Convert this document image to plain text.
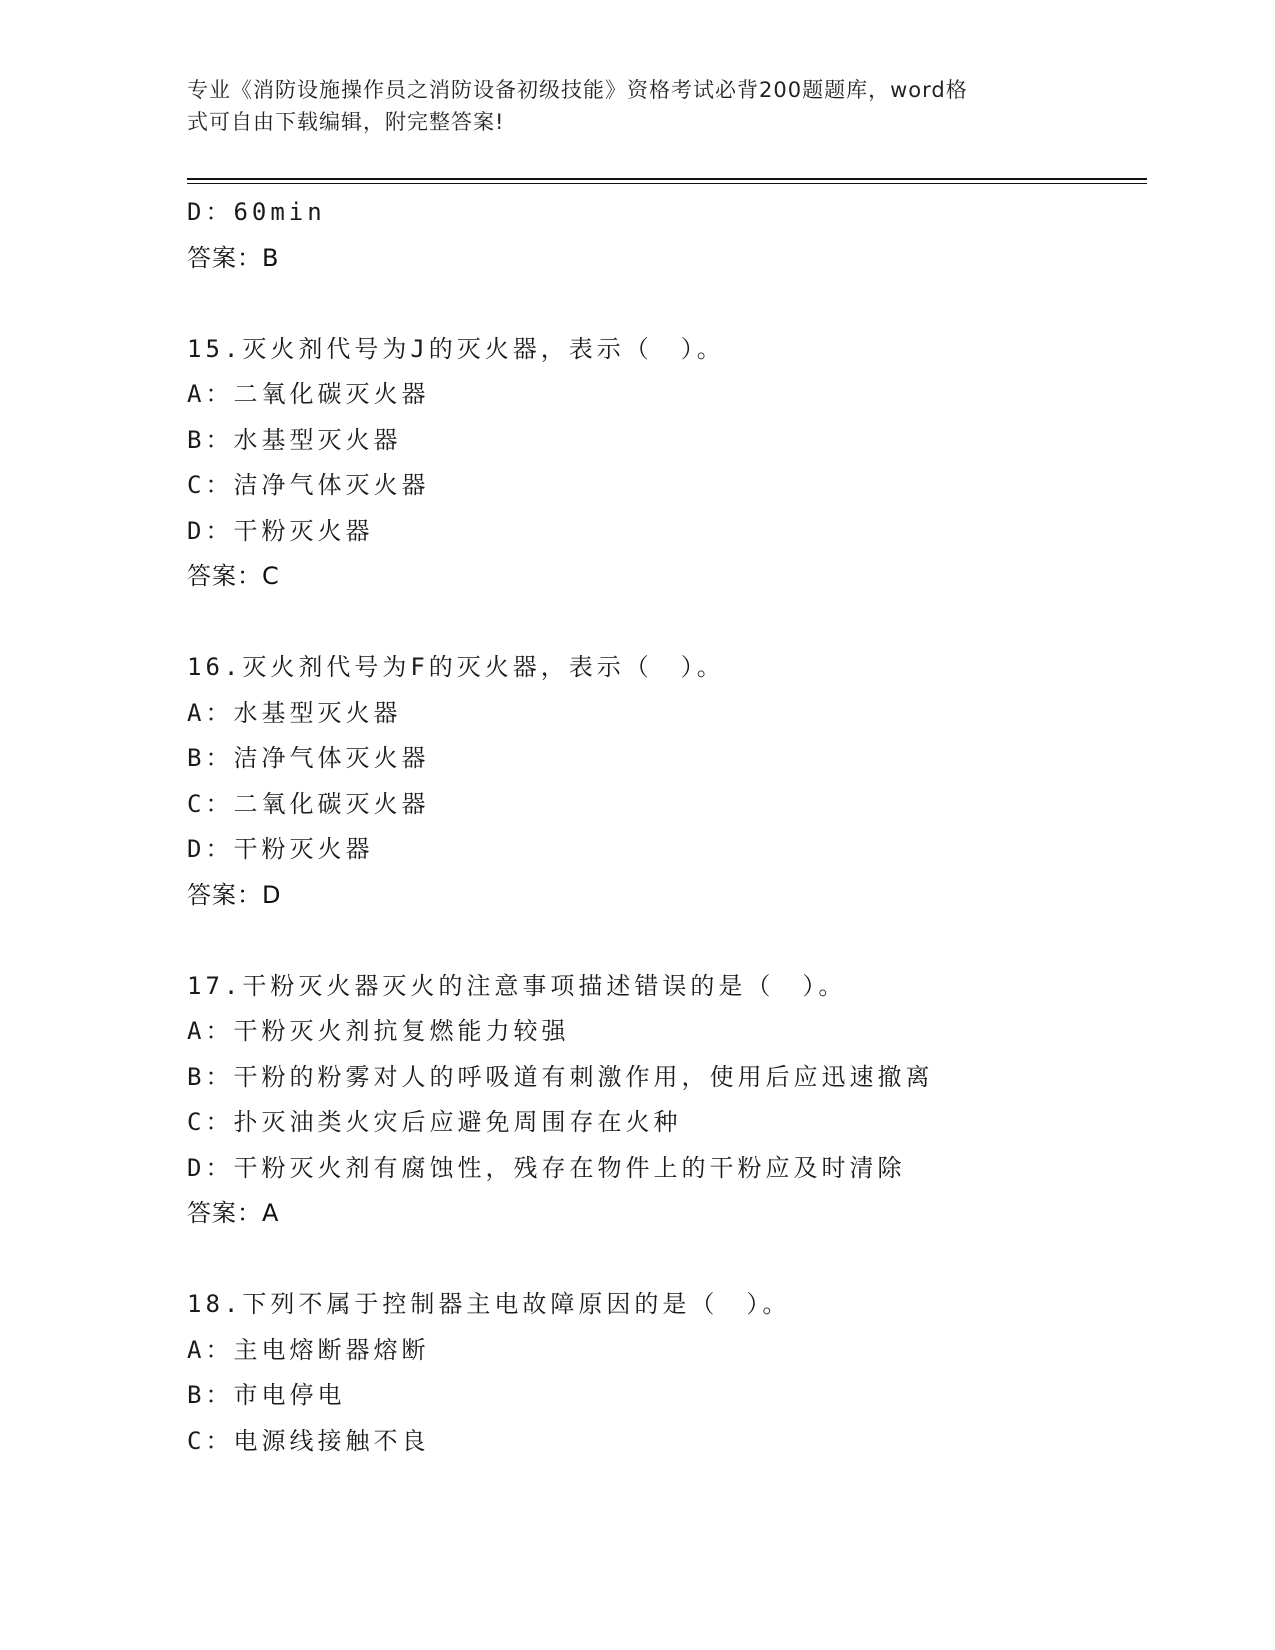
专业《消防设施操作员之消防设备初级技能》资格考试必背200题题库，word格
式可自由下载编辑，附完整答案!
D：60min
答案：B
15.灭火剂代号为J的灭火器，表示（　）。
A：二氧化碳灭火器
B：水基型灭火器
C：洁净气体灭火器
D：干粉灭火器
答案：C
16.灭火剂代号为F的灭火器，表示（　）。
A：水基型灭火器
B：洁净气体灭火器
C：二氧化碳灭火器
D：干粉灭火器
答案：D
17.干粉灭火器灭火的注意事项描述错误的是（　）。
A：干粉灭火剂抗复燃能力较强
B：干粉的粉雾对人的呼吸道有刺激作用，使用后应迅速撤离
C：扑灭油类火灾后应避免周围存在火种
D：干粉灭火剂有腐蚀性，残存在物件上的干粉应及时清除
答案：A
18.下列不属于控制器主电故障原因的是（　）。
A：主电熔断器熔断
B：市电停电
C：电源线接触不良
